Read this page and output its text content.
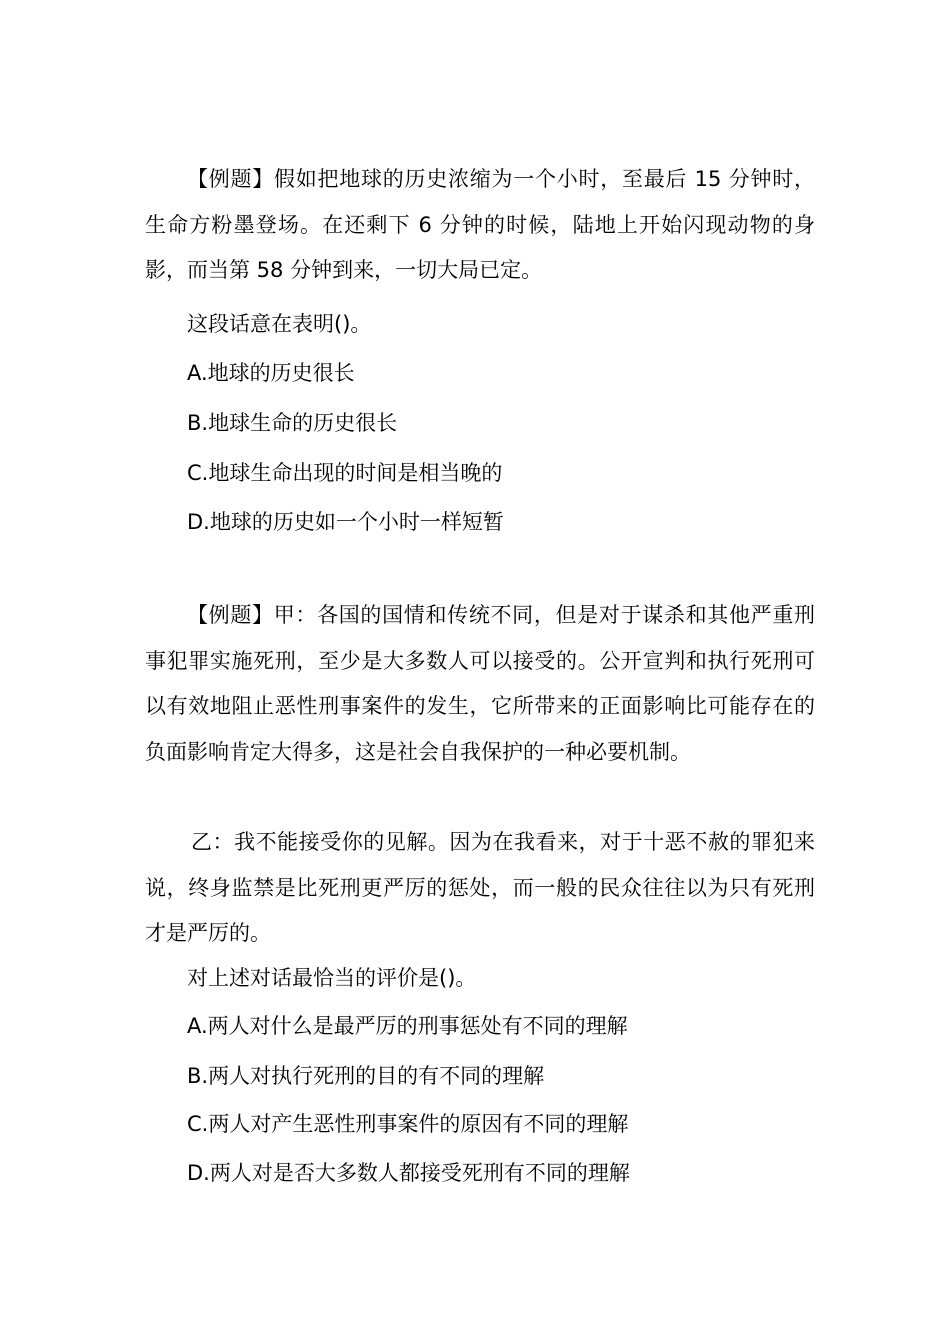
【例题】假如把地球的历史浓缩为一个小时，至最后 15 分钟时，生命方粉墨登场。在还剩下 6 分钟的时候，陆地上开始闪现动物的身影，而当第 58 分钟到来，一切大局已定。

这段话意在表明()。

A.地球的历史很长

B.地球生命的历史很长

C.地球生命出现的时间是相当晚的

D.地球的历史如一个小时一样短暂

【例题】甲：各国的国情和传统不同，但是对于谋杀和其他严重刑事犯罪实施死刑，至少是大多数人可以接受的。公开宣判和执行死刑可以有效地阻止恶性刑事案件的发生，它所带来的正面影响比可能存在的负面影响肯定大得多，这是社会自我保护的一种必要机制。

乙：我不能接受你的见解。因为在我看来，对于十恶不赦的罪犯来说，终身监禁是比死刑更严厉的惩处，而一般的民众往往以为只有死刑才是严厉的。

对上述对话最恰当的评价是()。

A.两人对什么是最严厉的刑事惩处有不同的理解

B.两人对执行死刑的目的有不同的理解

C.两人对产生恶性刑事案件的原因有不同的理解

D.两人对是否大多数人都接受死刑有不同的理解
